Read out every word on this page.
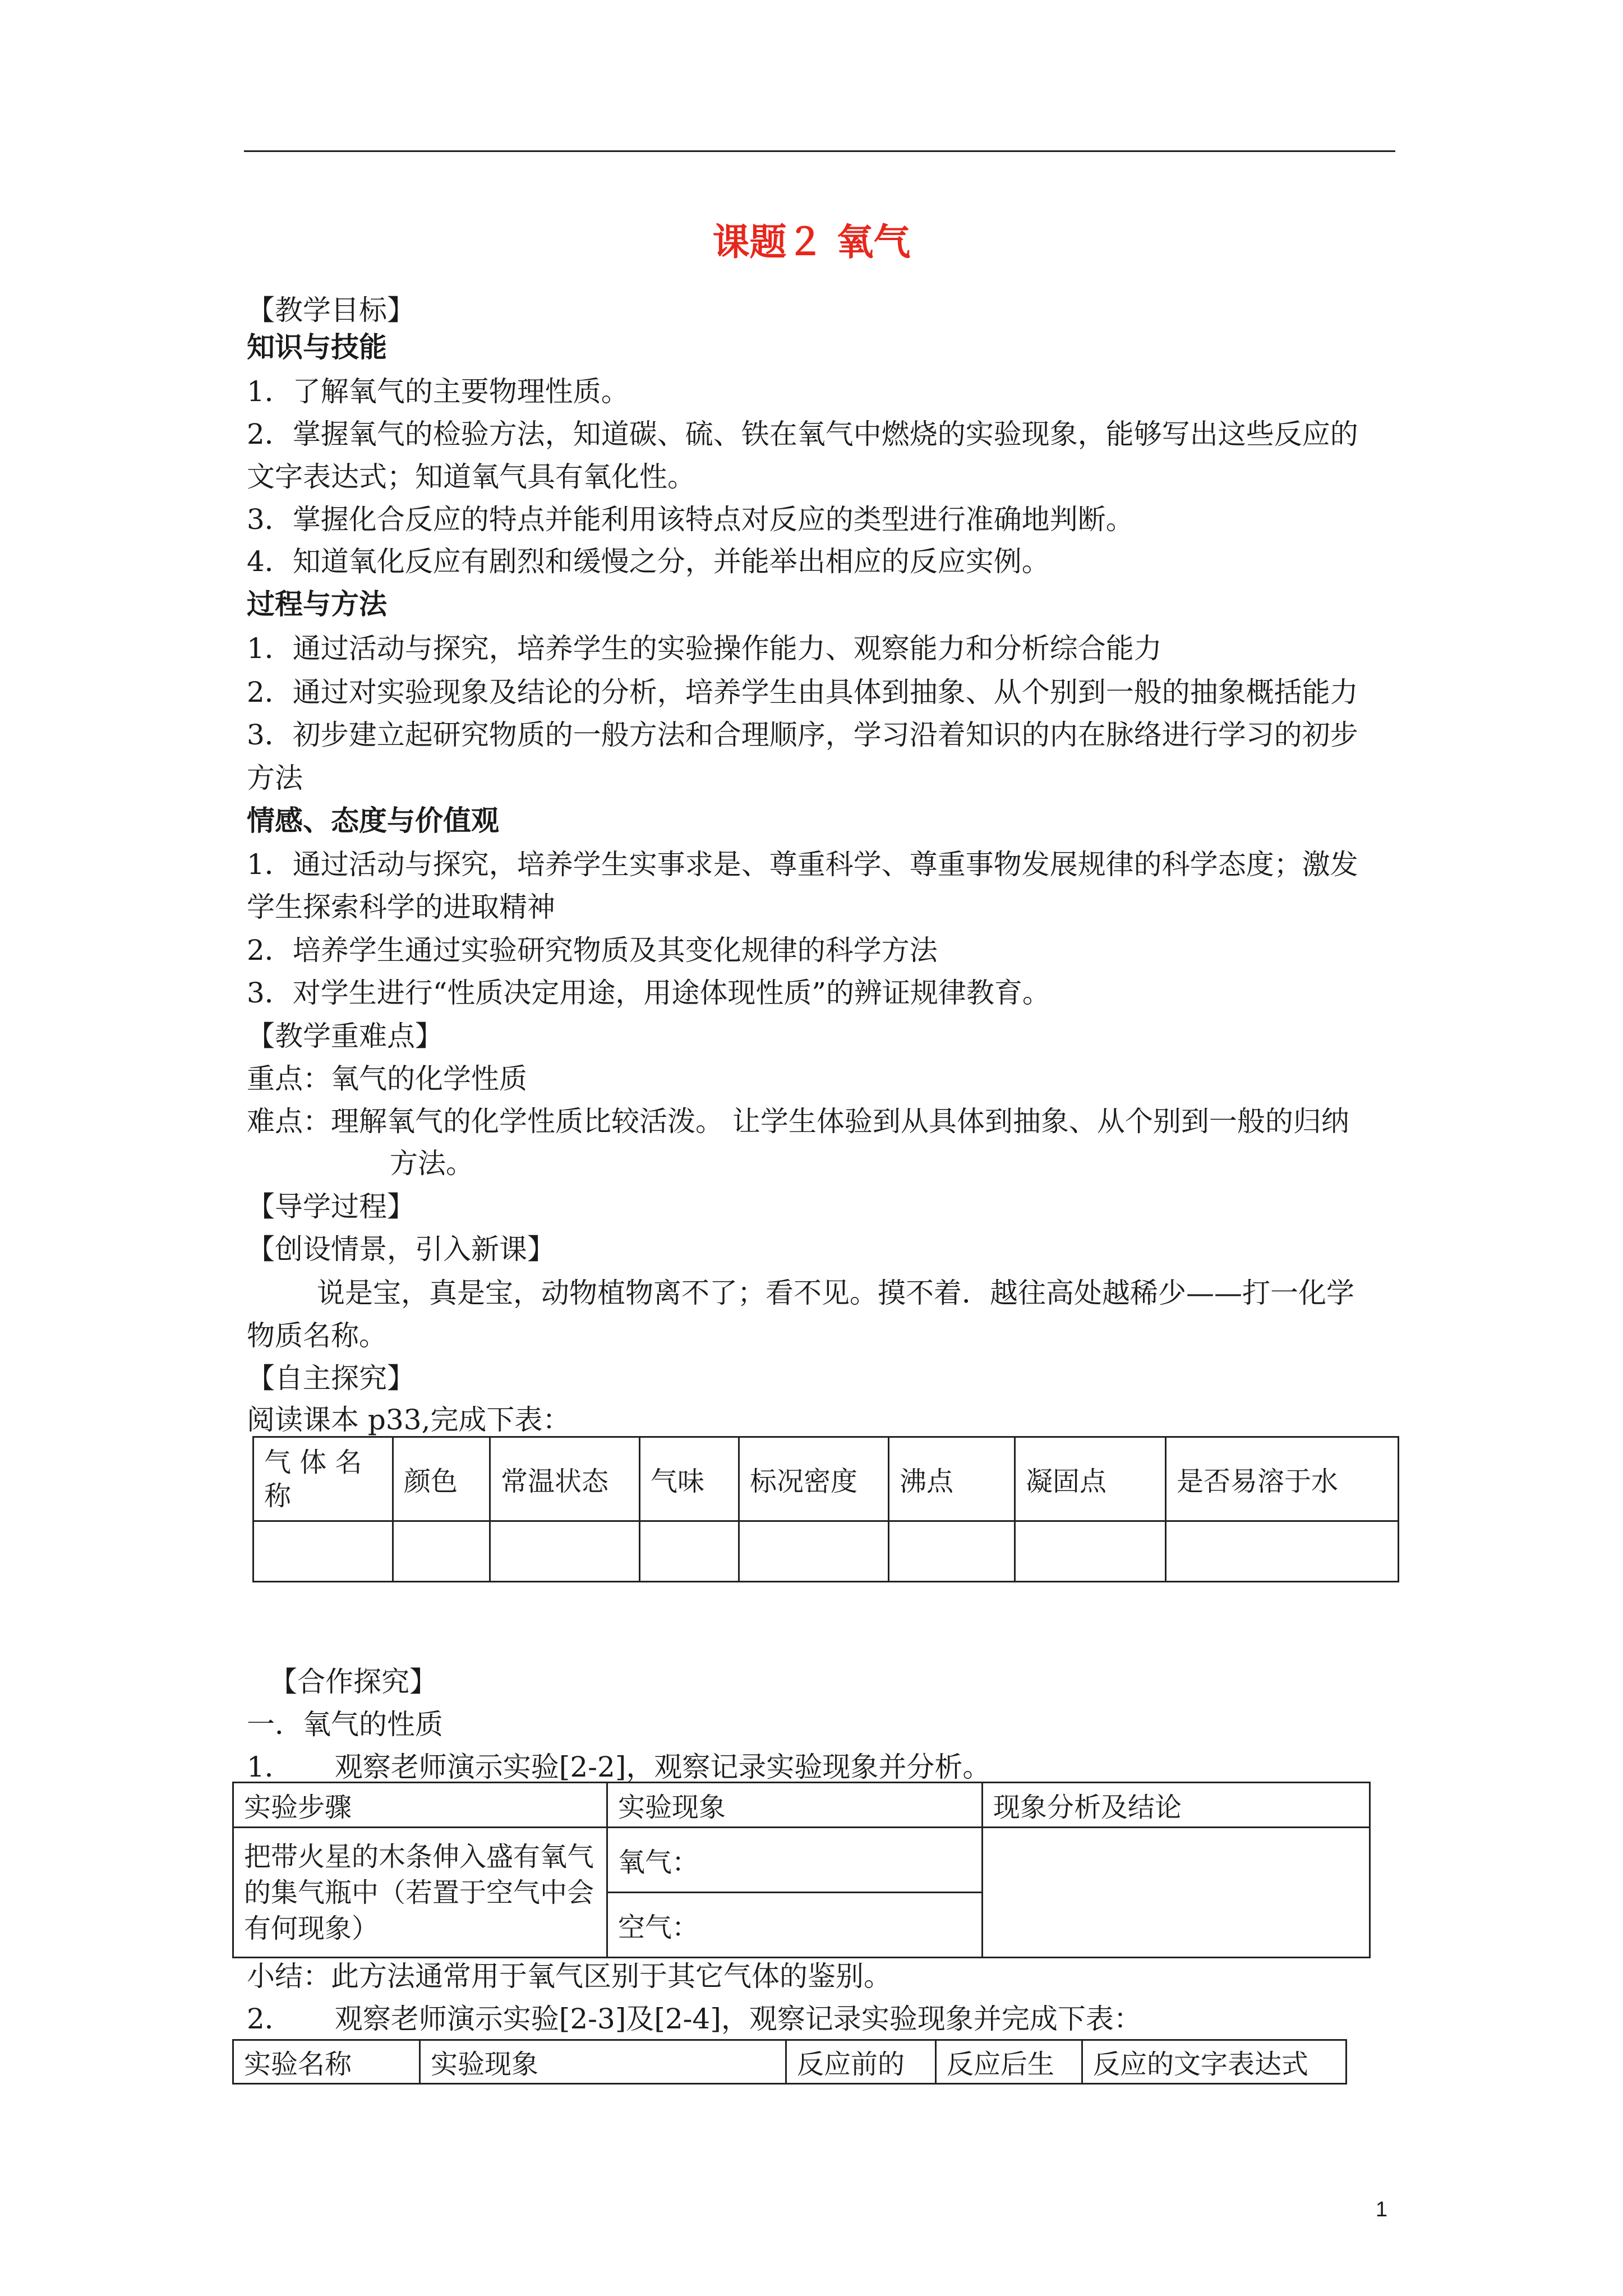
课题２ 氧气
【教学目标】
知识与技能
1．了解氧气的主要物理性质。
2．掌握氧气的检验方法，知道碳、硫、铁在氧气中燃烧的实验现象，能够写出这些反应的
文字表达式；知道氧气具有氧化性。
3．掌握化合反应的特点并能利用该特点对反应的类型进行准确地判断。
4．知道氧化反应有剧烈和缓慢之分，并能举出相应的反应实例。
过程与方法
1．通过活动与探究，培养学生的实验操作能力、观察能力和分析综合能力
2．通过对实验现象及结论的分析，培养学生由具体到抽象、从个别到一般的抽象概括能力
3．初步建立起研究物质的一般方法和合理顺序，学习沿着知识的内在脉络进行学习的初步
方法
情感、态度与价值观
1．通过活动与探究，培养学生实事求是、尊重科学、尊重事物发展规律的科学态度；激发
学生探索科学的进取精神
2．培养学生通过实验研究物质及其变化规律的科学方法
3．对学生进行“性质决定用途，用途体现性质”的辨证规律教育。
【教学重难点】
重点：氧气的化学性质
难点：理解氧气的化学性质比较活泼。 让学生体验到从具体到抽象、从个别到一般的归纳
方法。
【导学过程】
【创设情景，引入新课】
说是宝，真是宝，动物植物离不了；看不见。摸不着．越往高处越稀少——打一化学
物质名称。
【自主探究】
阅读课本 p33,完成下表：
气 体 名称	颜色	常温状态	气味	标况密度	沸点	凝固点	是否易溶于水

【合作探究】
一．氧气的性质
1．　　观察老师演示实验[2-2]，观察记录实验现象并分析。
实验步骤	实验现象	现象分析及结论
把带火星的木条伸入盛有氧气的集气瓶中（若置于空气中会有何现象）	氧气：	
	空气：	
小结：此方法通常用于氧气区别于其它气体的鉴别。
2．　　观察老师演示实验[2-3]及[2-4]，观察记录实验现象并完成下表：
实验名称	实验现象	反应前的	反应后生	反应的文字表达式
1
